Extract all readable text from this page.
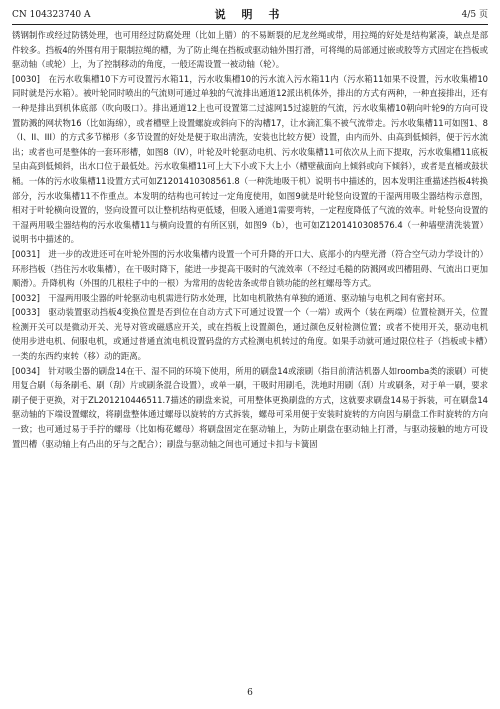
CN 104323740 A	说 明 书	4/5 页

锈钢制作或经过防锈处理，也可用经过防腐处理（比如上腊）的不易断裂的尼龙丝绳或带，用拉绳的好处是结构紧凑，缺点是部件较多。挡板4的外围有用于限制拉绳的槽，为了防止绳在挡板或驱动轴外围打滑，可将绳的局部通过嵌或胶等方式固定在挡板或驱动轴（或轮）上，为了控制移动的角度，一般还需设置一被动轴（轮）。

[0030]　在污水收集槽10下方可设置污水箱11，污水收集槽10的污水流入污水箱11内（污水箱11如果不设置，污水收集槽10同时就是污水箱）。被叶轮同时喷出的气流则可通过单独的气流排出通道12派出机体外，排出的方式有两种，一种直接排出，还有一种是排出到机体底部（吹向吸口）。排出通道12上也可设置第二过滤网15过滤脏的气流，污水收集槽10朝向叶轮9的方向可设置防溅的网状物16（比如海绵），或者槽壁上设置螺旋或斜向下的沟槽17，让水滴汇集不被气流带走。污水收集槽11可如图1、8（I、II、III）的方式多节梯形（多节设置的好处是便于取出清洗，安装也比较方便）设置，由内而外、由高到低倾斜，便于污水流出；或者也可是整体的一套环形槽，如图8（IV），叶轮及叶轮驱动电机、污水收集槽11可依次从上而下提取，污水收集槽11底板呈由高到低倾斜，出水口位于最低处。污水收集槽11可上大下小或下大上小（槽壁截面向上倾斜或向下倾斜），或者是直桶或鼓状桶。一体的污水收集槽11设置方式可如Z1201410308561.8（一种洗地吸干机）说明书中描述的，因本发明注重描述挡板4转换部分，污水收集槽11不作重点。本发明的结构也可转过一定角度使用，如图9就是叶轮竖向设置的干湿两用吸尘器结构示意图，相对于叶轮横向设置的，竖向设置可以让整机结构更低矮，但吸入通道1需要弯转，一定程度降低了气流的效率。叶轮竖向设置的干湿两用吸尘器结构的污水收集槽11与横向设置的有所区别，如图9（b），也可如Z1201410308576.4（一种墙壁清洗装置）说明书中描述的。

[0031]　进一步的改进还可在叶轮外围的污水收集槽内设置一个可升降的开口大、底部小的内壁光滑（符合空气动力学设计的）环形挡板（挡住污水收集槽），在干吸时降下，能进一步提高干吸时的气流效率（不经过毛糙的防溅网或凹槽阻碍、气流出口更加顺滑）。升降机构（外围的几根柱子中的一根）为常用的齿轮齿条或带自锁功能的丝杠螺母等方式。

[0032]　干湿两用吸尘器的叶轮驱动电机需进行防水处理，比如电机散热有单独的通道、驱动轴与电机之间有密封环。

[0033]　驱动装置驱动挡板4变换位置是否到位在自动方式下可通过设置一个（一端）或两个（装在两端）位置检测开关，位置检测开关可以是微动开关、光导对管或磁感应开关，或在挡板上设置颜色，通过颜色反射检测位置；或者不使用开关，驱动电机使用步进电机、伺服电机，或通过普通直流电机设置码盘的方式检测电机转过的角度。如果手动就可通过限位柱子（挡板或卡槽）一类的东西约束转（移）动的距离。

[0034]　针对吸尘器的刷盘14在干、湿不同的环境下使用，所用的刷盘14或滚刷（指目前清洁机器人如roomba类的滚刷）可使用复合刷（每条刷毛、刷（刮）片或刷条混合设置），或单一刷，干吸时用刷毛，洗地时用刷（刮）片或刷条，对于单一刷，要求刷子便于更换，对于ZL201210446511.7描述的刷盘来说，可用整体更换刷盘的方式，这就要求刷盘14易于拆装，可在刷盘14驱动轴的下端设置螺纹，将刷盘整体通过螺母以旋转的方式拆装，螺母可采用便于安装时旋转的方向因与刷盘工作时旋转的方向一致；也可通过易于手拧的螺母（比如梅花螺母）将刷盘固定在驱动轴上，为防止刷盘在驱动轴上打滑，与驱动接触的地方可设置凹槽（驱动轴上有凸出的牙与之配合）；刷盘与驱动轴之间也可通过卡扣与卡簧固

6
